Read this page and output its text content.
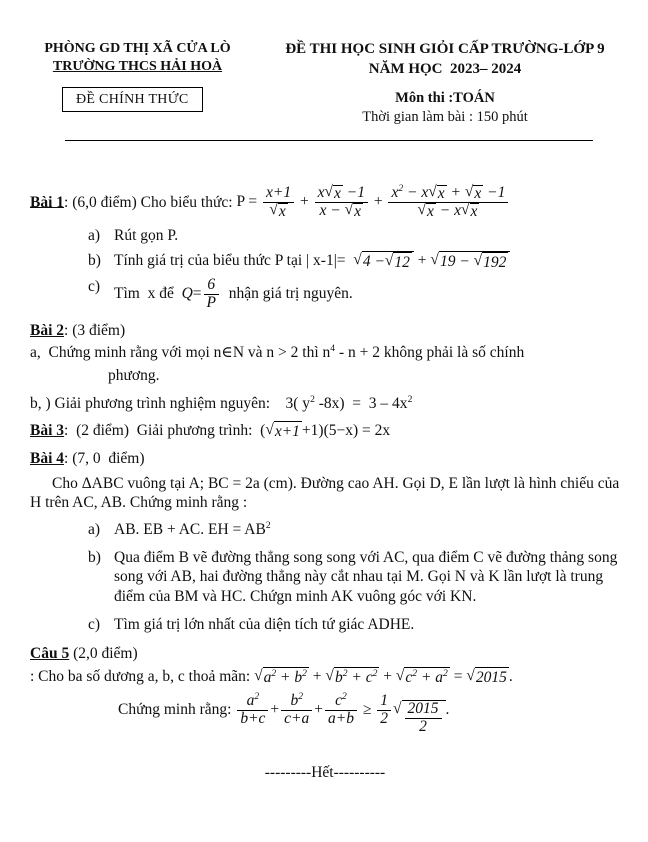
PHÒNG GD THỊ XÃ CỬA LÒ
TRƯỜNG THCS HẢI HOÀ
ĐỀ THI HỌC SINH GIỎI CẤP TRƯỜNG-LỚP 9
NĂM HỌC  2023– 2024
ĐỀ CHÍNH THỨC	Môn thi :TOÁN
Thời gian làm bài : 150 phút
Bài 1: (6,0 điểm) Cho biểu thức: $P = \frac{x+1}{√ x} + \frac{x √ x -1}{x - √ x} + \frac{x^2 - x √ x + √ x -1}{√ x - x √ x}$
a) Rút gọn P.
b) Tính giá trị của biểu thức P tại | x-1|= √ 4 − √ 12 + √ 19 − √ 192
c) Tìm  x để  $Q= \frac{6}{P}$ nhận giá trị nguyên.
Bài 2: (3 điểm)
a,  Chứng minh rằng với mọi n∈N và n > 2 thì $n^4 - n + 2$ không phải là số chính
phương.
b, ) Giải phương trình nghiệm nguyên:    3( $y^2$ $-8x) = 3 - 4x^2$
Bài 3:  (2 điểm)  Giải phương trình:  ( √ x+1 +1)(5−x) = 2x
Bài 4: (7, 0  điểm)
Cho ΔABC vuông tại A; BC = 2a (cm). Đường cao AH. Gọi D, E lần lượt là hình chiếu của H trên AC, AB. Chứng minh rằng :
a) AB. EB + AC. EH = $AB^2$
b) Qua điểm B vẽ đường thẳng song song với AC, qua điểm C vẽ đường thảng song song với AB, hai đường thẳng này cắt nhau tại M. Gọi N và K lần lượt là trung điểm của BM và HC. Chứgn minh AK vuông góc với KN.
c) Tìm giá trị lớn nhất của diện tích tứ giác ADHE.
Câu 5 (2,0 điểm)
: Cho ba số dương a, b, c thoả mãn: √ $a^2 + b^2$ + √ $b^2 + c^2$ + √ $c^2 + a^2$ = √ 2015 .
Chứng minh rằng: $\frac{a^2}{b+c} + \frac{b^2}{c+a} + \frac{c^2}{a+b} \ge \frac{1}{2}$ √ $\frac{2015}{2}$ .
---------Hết----------
